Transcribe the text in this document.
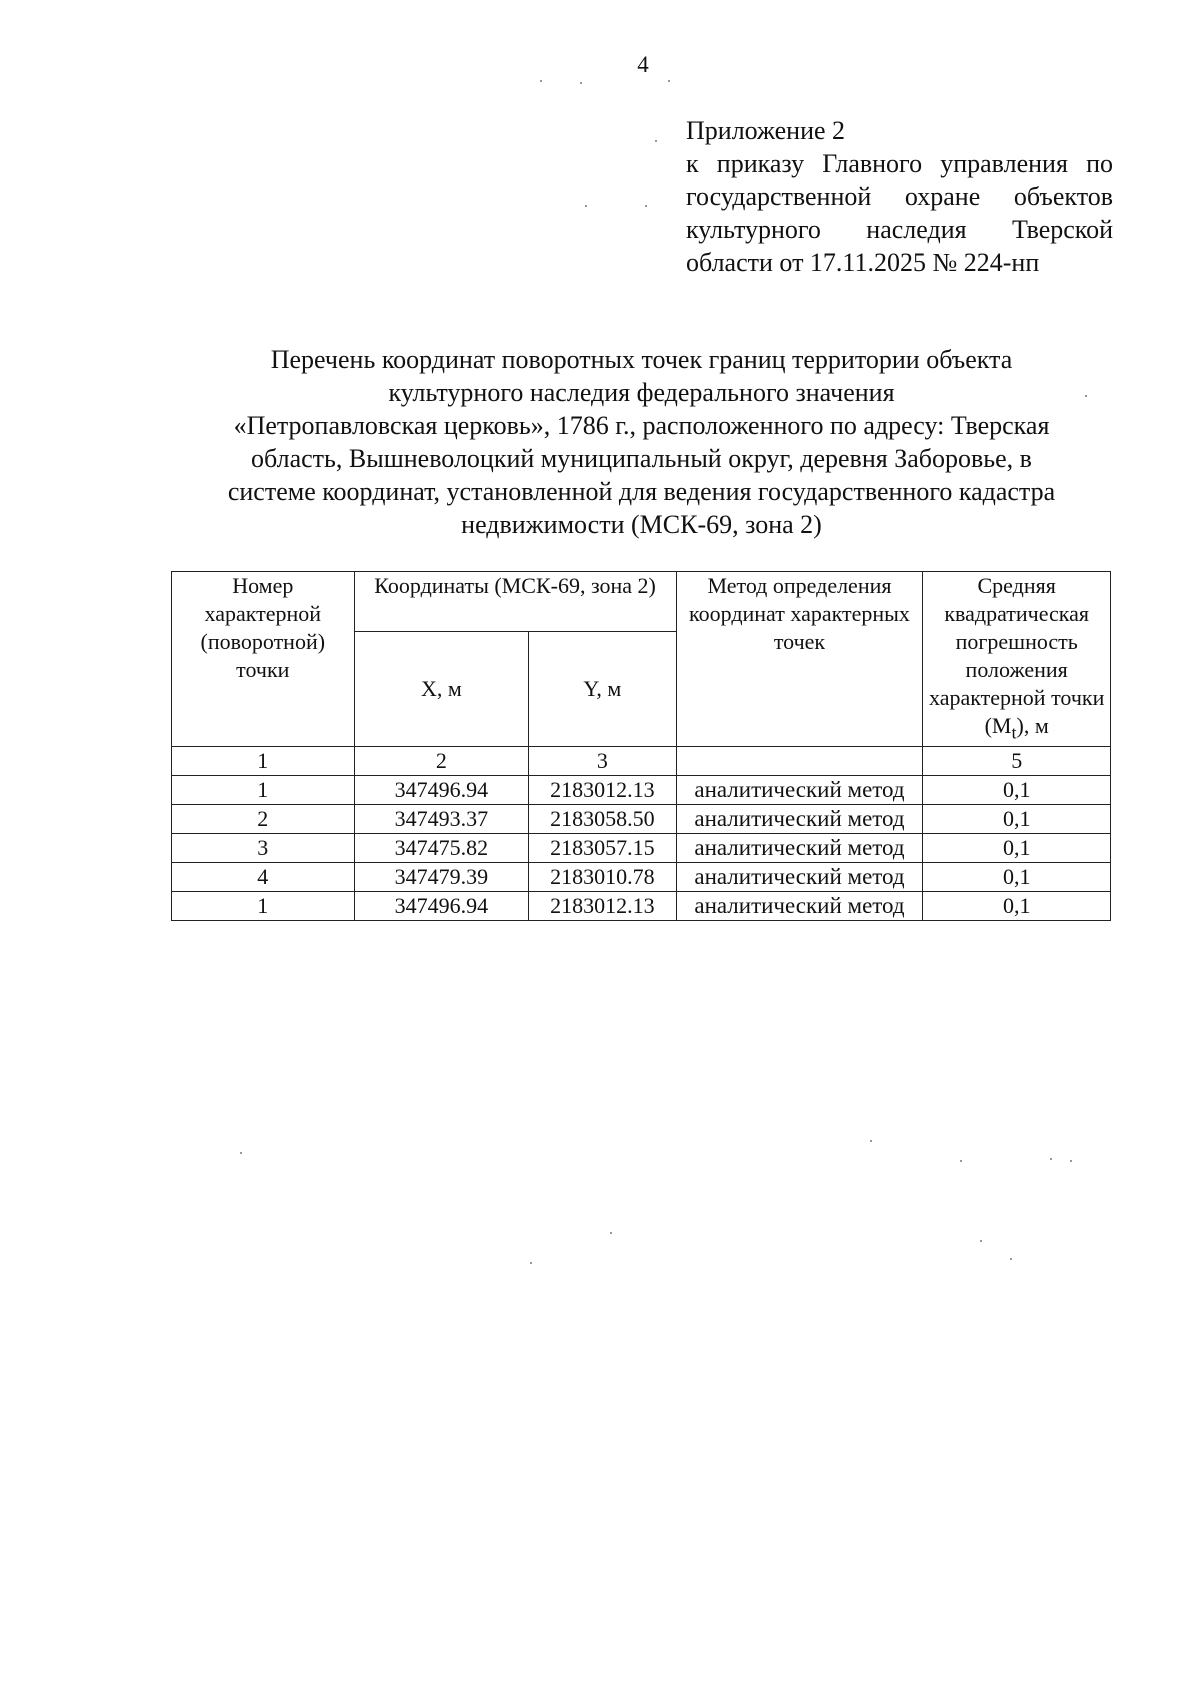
4
Приложение 2
к приказу Главного управления по
государственной охране объектов
культурного наследия Тверской
области от 17.11.2025 № 224-нп
Перечень координат поворотных точек границ территории объекта
культурного наследия федерального значения
«Петропавловская церковь», 1786 г., расположенного по адресу: Тверская
область, Вышневолоцкий муниципальный округ, деревня Заборовье, в
системе координат, установленной для ведения государственного кадастра
недвижимости (МСК-69, зона 2)
Номер характерной (поворотной) точки	Координаты (МСК-69, зона 2)		Метод определения координат характерных точек	Средняя квадратическая погрешность положения характерной точки $(M_t)$, м
	X, м	Y, м		
1	2	3		5
1	347496.94	2183012.13	аналитический метод	0,1
2	347493.37	2183058.50	аналитический метод	0,1
3	347475.82	2183057.15	аналитический метод	0,1
4	347479.39	2183010.78	аналитический метод	0,1
1	347496.94	2183012.13	аналитический метод	0,1
